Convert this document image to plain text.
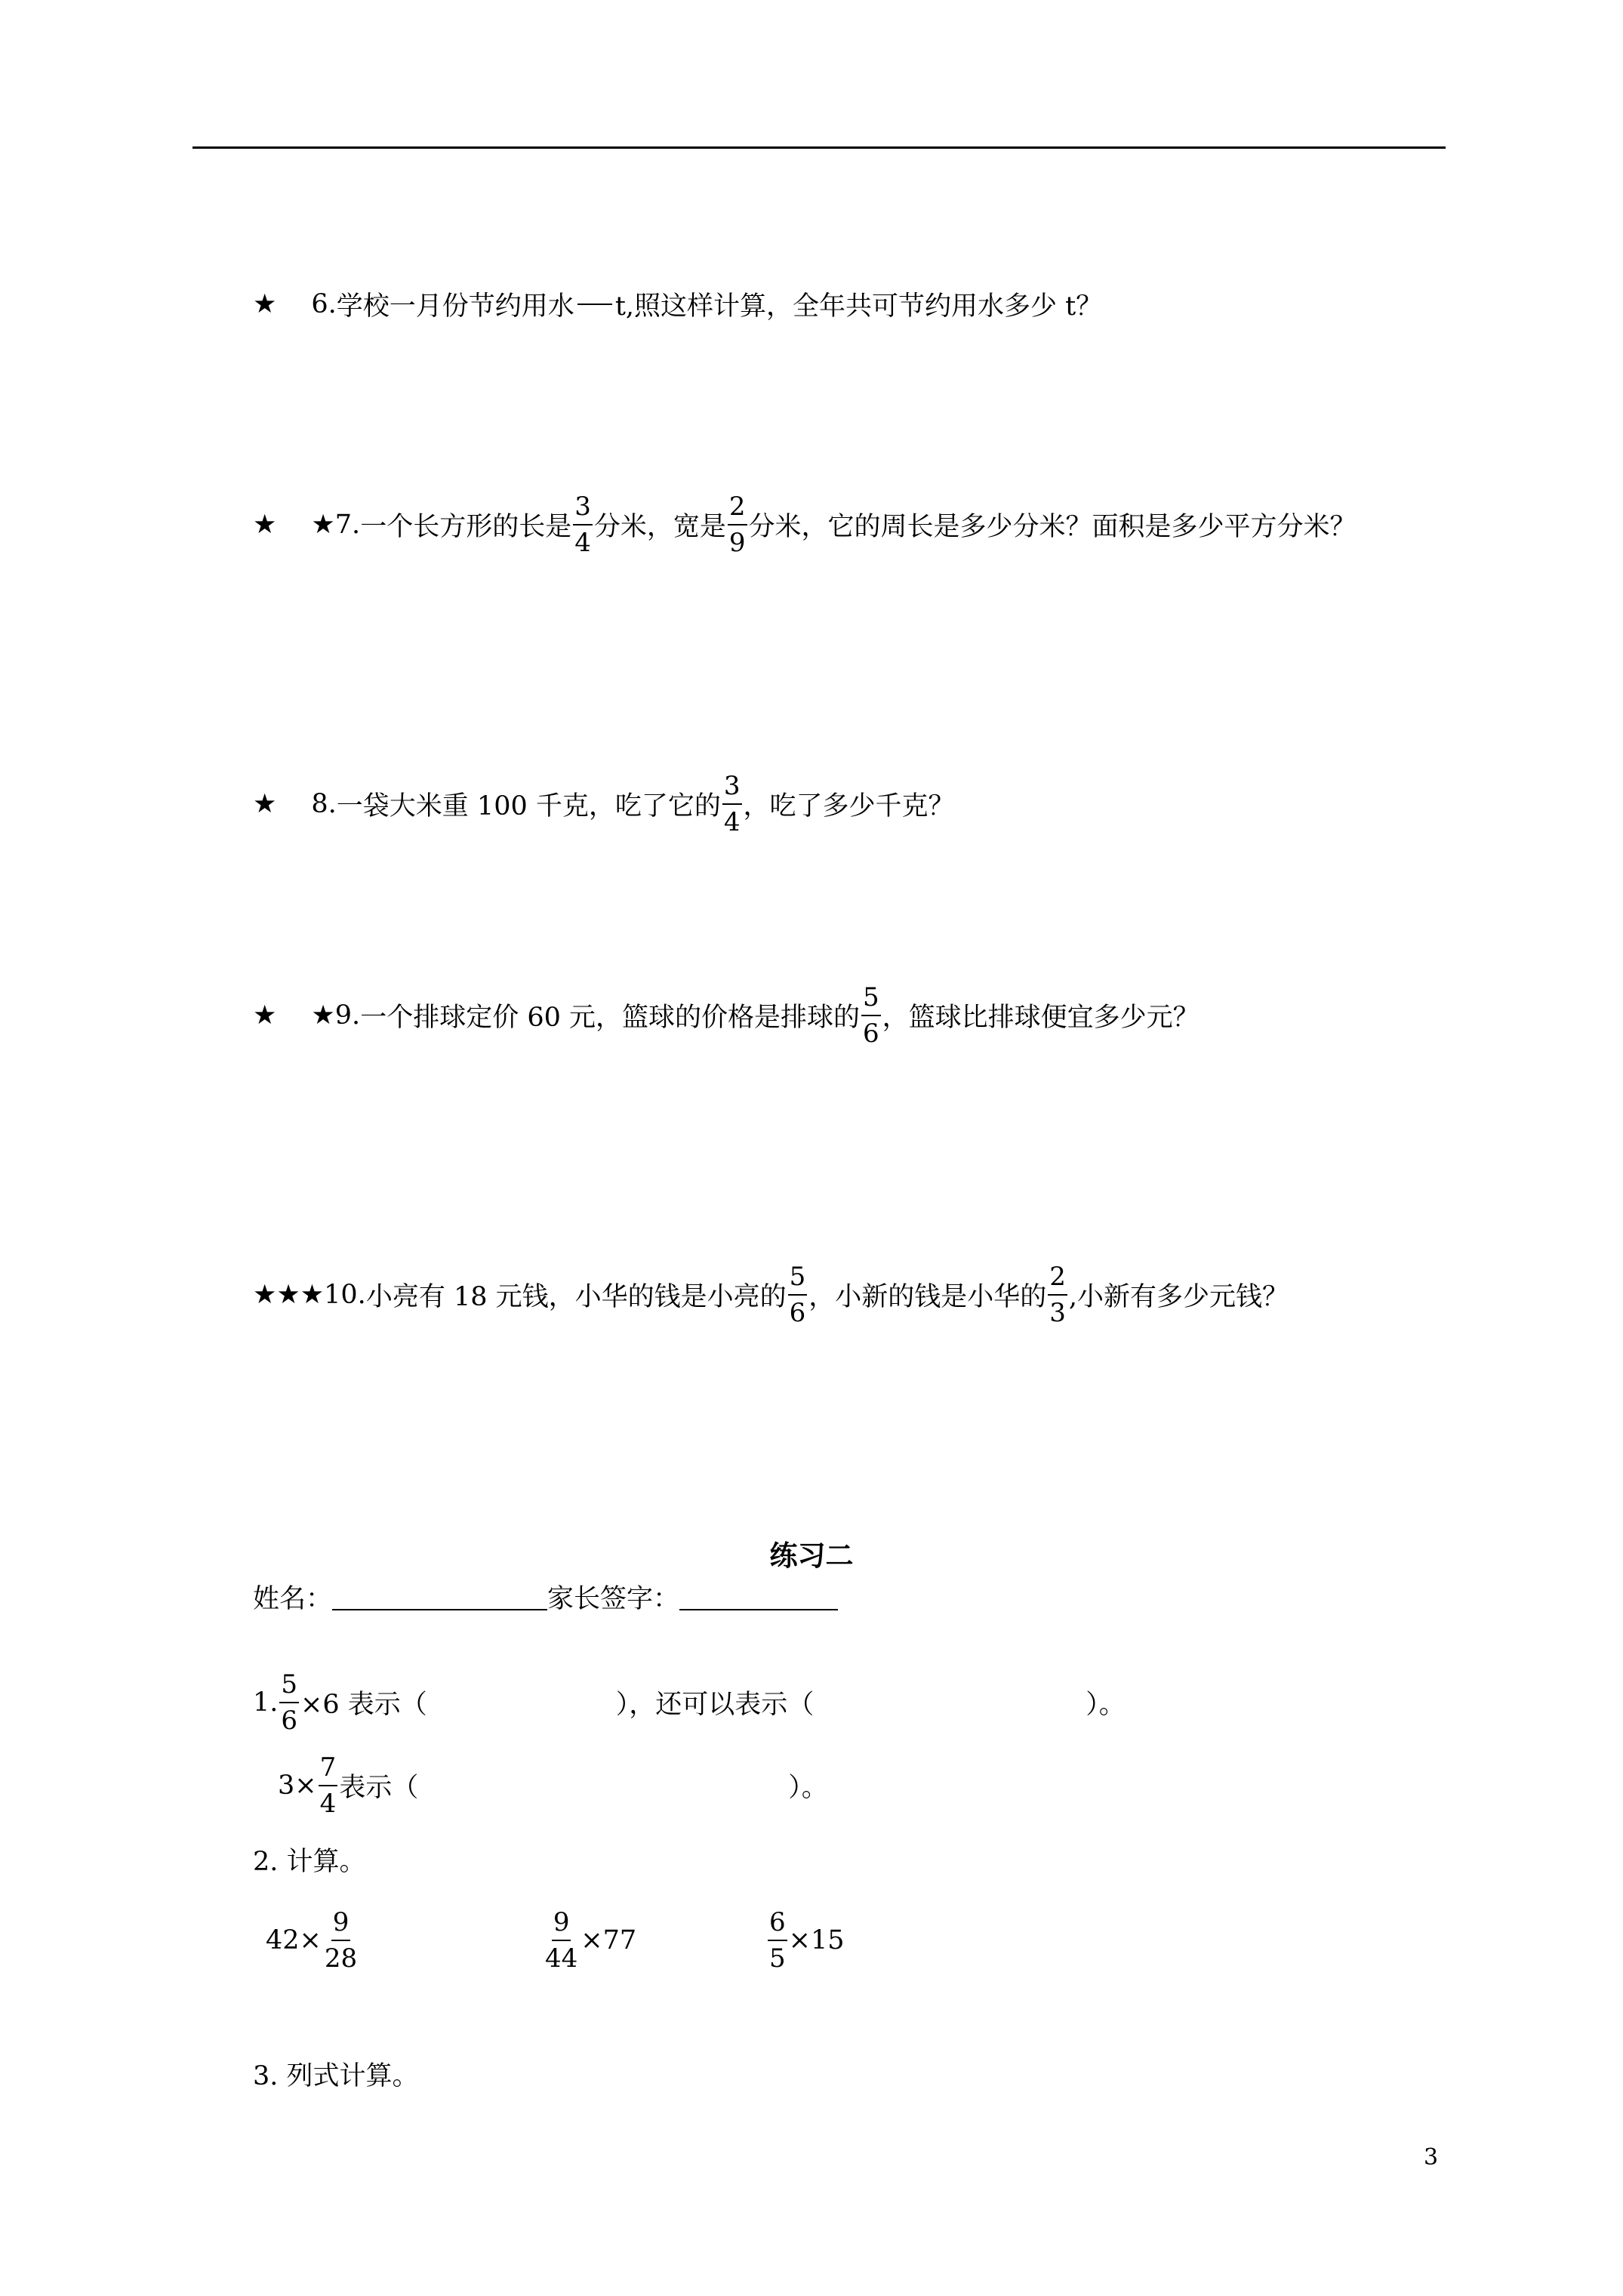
★ 6. 学校一月份节约用水 t,照这样计算，全年共可节约用水多少 t？
★ ★ 7. 一个长方形的长是 $\frac{3}{4}$ 分米，宽是 $\frac{2}{9}$ 分米，它的周长是多少分米？面积是多少平方分米？
★ 8. 一袋大米重 100 千克，吃了它的 $\frac{3}{4}$ ，吃了多少千克？
★ ★ 9. 一个排球定价 60 元，篮球的价格是排球的 $\frac{5}{6}$ ，篮球比排球便宜多少元？
★★★ 10. 小亮有 18 元钱，小华的钱是小亮的 $\frac{5}{6}$ ，小新的钱是小华的 $\frac{2}{3}$ ,小新有多少元钱？
练习二
姓名：	家长签字：
1. $\frac{5}{6} \times 6$ 表示（	），还可以表示（	）。
$3\times \frac{7}{4}$ 表示（	）。
2. 计算。
$42\times \frac{9}{28}$	$\frac{9}{44} \times 77$	$\frac{6}{5} \times 15$
3. 列式计算。
3
